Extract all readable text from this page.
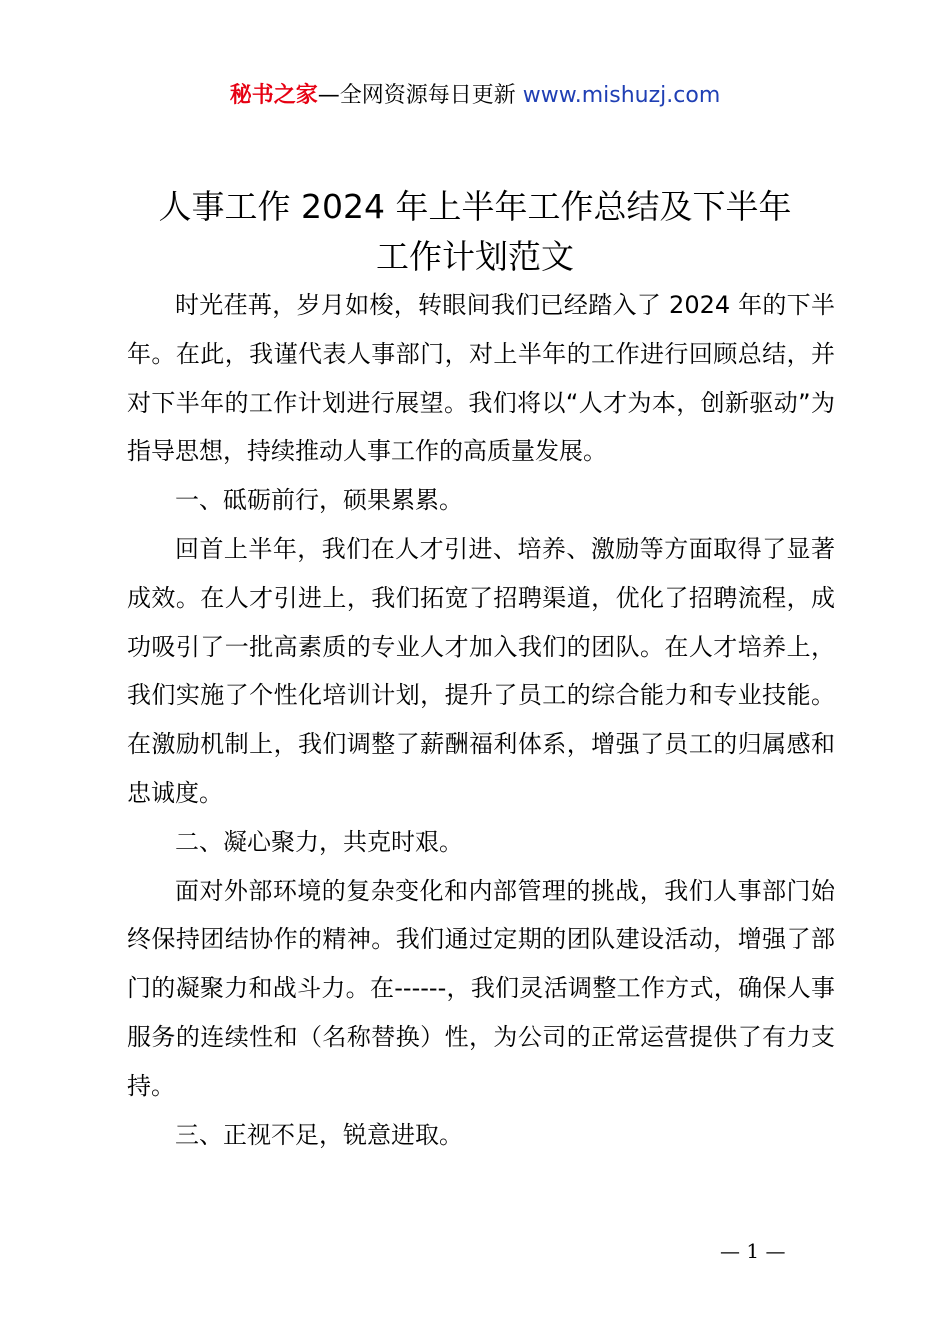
秘书之家—全网资源每日更新 www.mishuzj.com
人事工作 2024 年上半年工作总结及下半年
工作计划范文

时光荏苒，岁月如梭，转眼间我们已经踏入了 2024 年的下半年。在此，我谨代表人事部门，对上半年的工作进行回顾总结，并对下半年的工作计划进行展望。我们将以“人才为本，创新驱动”为指导思想，持续推动人事工作的高质量发展。

一、砥砺前行，硕果累累。

回首上半年，我们在人才引进、培养、激励等方面取得了显著成效。在人才引进上，我们拓宽了招聘渠道，优化了招聘流程，成功吸引了一批高素质的专业人才加入我们的团队。在人才培养上，我们实施了个性化培训计划，提升了员工的综合能力和专业技能。在激励机制上，我们调整了薪酬福利体系，增强了员工的归属感和忠诚度。

二、凝心聚力，共克时艰。

面对外部环境的复杂变化和内部管理的挑战，我们人事部门始终保持团结协作的精神。我们通过定期的团队建设活动，增强了部门的凝聚力和战斗力。在------，我们灵活调整工作方式，确保人事服务的连续性和（名称替换）性，为公司的正常运营提供了有力支持。

三、正视不足，锐意进取。

— 1 —
